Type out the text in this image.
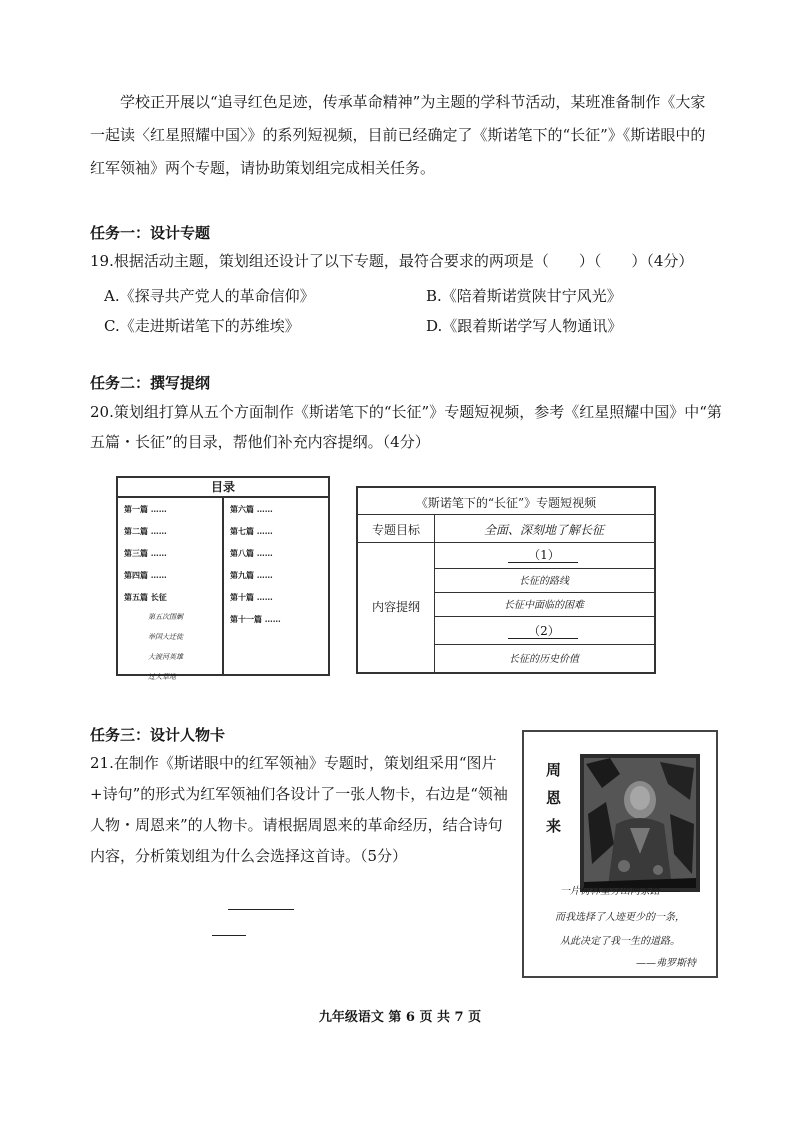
学校正开展以“追寻红色足迹，传承革命精神”为主题的学科节活动，某班准备制作《大家一起读〈红星照耀中国〉》的系列短视频，目前已经确定了《斯诺笔下的“长征”》《斯诺眼中的红军领袖》两个专题，请协助策划组完成相关任务。
任务一：设计专题
19.根据活动主题，策划组还设计了以下专题，最符合要求的两项是（　　）（　　）（4分）
A.《探寻共产党人的革命信仰》	B.《陪着斯诺赏陕甘宁风光》
C.《走进斯诺笔下的苏维埃》	D.《跟着斯诺学写人物通讯》
任务二：撰写提纲
20.策划组打算从五个方面制作《斯诺笔下的“长征”》专题短视频，参考《红星照耀中国》中“第五篇・长征”的目录，帮他们补充内容提纲。（4分）
目录
第一篇 ……
第二篇 ……
第三篇 ……
第四篇 ……
第五篇 长征
第五次围剿
举国大迁徙
大渡河英雄
过大草地
第六篇 ……
第七篇 ……
第八篇 ……
第九篇 ……
第十篇 ……
第十一篇 ……
《斯诺笔下的“长征”》专题短视频
专题目标	全面、深刻地了解长征
内容提纲
（1）
长征的路线
长征中面临的困难
（2）
长征的历史价值
任务三：设计人物卡
21.在制作《斯诺眼中的红军领袖》专题时，策划组采用“图片+诗句”的形式为红军领袖们各设计了一张人物卡，右边是“领袖人物・周恩来”的人物卡。请根据周恩来的革命经历，结合诗句内容，分析策划组为什么会选择这首诗。（5分）
周恩来
一片树林里分出两条路——
而我选择了人迹更少的一条，
从此决定了我一生的道路。
——弗罗斯特
九年级语文 第 6 页 共 7 页
